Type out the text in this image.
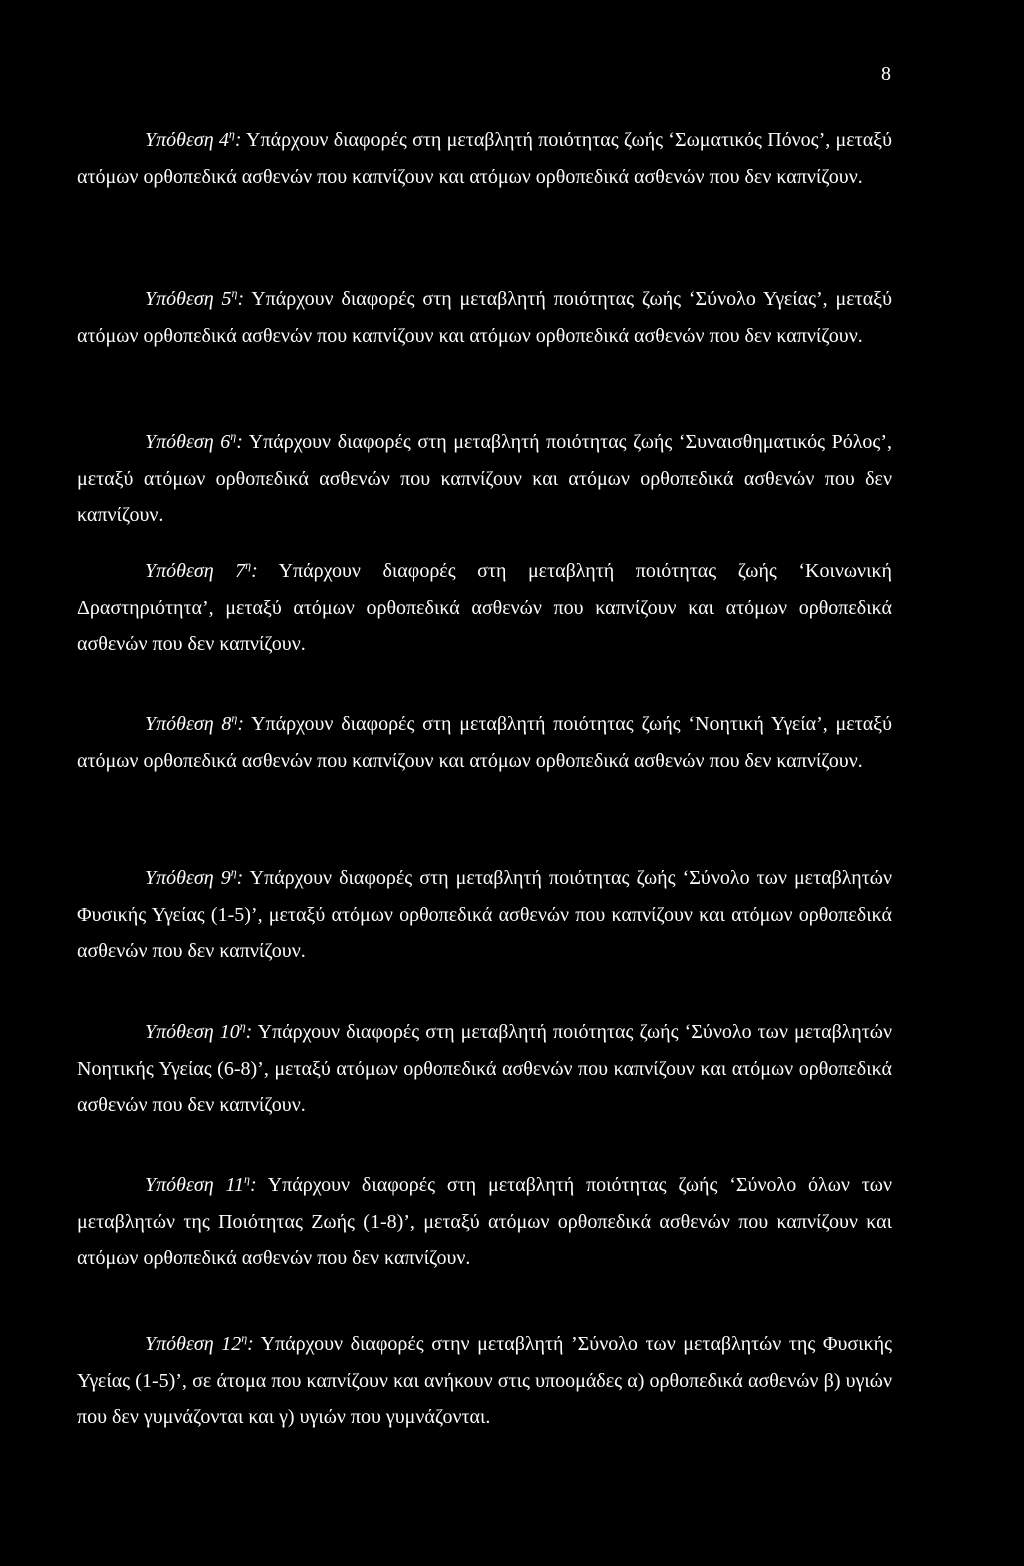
8

Υπόθεση $4^\eta$: Υπάρχουν διαφορές στη μεταβλητή ποιότητας ζωής ‘Σωματικός Πόνος’, μεταξύ ατόμων ορθοπεδικά ασθενών που καπνίζουν και ατόμων ορθοπεδικά ασθενών που δεν καπνίζουν.

Υπόθεση $5^\eta$: Υπάρχουν διαφορές στη μεταβλητή ποιότητας ζωής ‘Σύνολο Υγείας’, μεταξύ ατόμων ορθοπεδικά ασθενών που καπνίζουν και ατόμων ορθοπεδικά ασθενών που δεν καπνίζουν.

Υπόθεση $6^\eta$: Υπάρχουν διαφορές στη μεταβλητή ποιότητας ζωής ‘Συναισθηματικός Ρόλος’, μεταξύ ατόμων ορθοπεδικά ασθενών που καπνίζουν και ατόμων ορθοπεδικά ασθενών που δεν καπνίζουν.

Υπόθεση $7^\eta$: Υπάρχουν διαφορές στη μεταβλητή ποιότητας ζωής ‘Κοινωνική Δραστηριότητα’, μεταξύ ατόμων ορθοπεδικά ασθενών που καπνίζουν και ατόμων ορθοπεδικά ασθενών που δεν καπνίζουν.

Υπόθεση $8^\eta$: Υπάρχουν διαφορές στη μεταβλητή ποιότητας ζωής ‘Νοητική Υγεία’, μεταξύ ατόμων ορθοπεδικά ασθενών που καπνίζουν και ατόμων ορθοπεδικά ασθενών που δεν καπνίζουν.

Υπόθεση $9^\eta$: Υπάρχουν διαφορές στη μεταβλητή ποιότητας ζωής ‘Σύνολο των μεταβλητών Φυσικής Υγείας (1-5)’, μεταξύ ατόμων ορθοπεδικά ασθενών που καπνίζουν και ατόμων ορθοπεδικά ασθενών που δεν καπνίζουν.

Υπόθεση $10^\eta$: Υπάρχουν διαφορές στη μεταβλητή ποιότητας ζωής ‘Σύνολο των μεταβλητών Νοητικής Υγείας (6-8)’, μεταξύ ατόμων ορθοπεδικά ασθενών που καπνίζουν και ατόμων ορθοπεδικά ασθενών που δεν καπνίζουν.

Υπόθεση $11^\eta$: Υπάρχουν διαφορές στη μεταβλητή ποιότητας ζωής ‘Σύνολο όλων των μεταβλητών της Ποιότητας Ζωής (1-8)’, μεταξύ ατόμων ορθοπεδικά ασθενών που καπνίζουν και ατόμων ορθοπεδικά ασθενών που δεν καπνίζουν.

Υπόθεση $12^\eta$: Υπάρχουν διαφορές στην μεταβλητή ’Σύνολο των μεταβλητών της Φυσικής Υγείας (1-5)’, σε άτομα που καπνίζουν και ανήκουν στις υποομάδες α) ορθοπεδικά ασθενών β) υγιών που δεν γυμνάζονται και γ) υγιών που γυμνάζονται.
